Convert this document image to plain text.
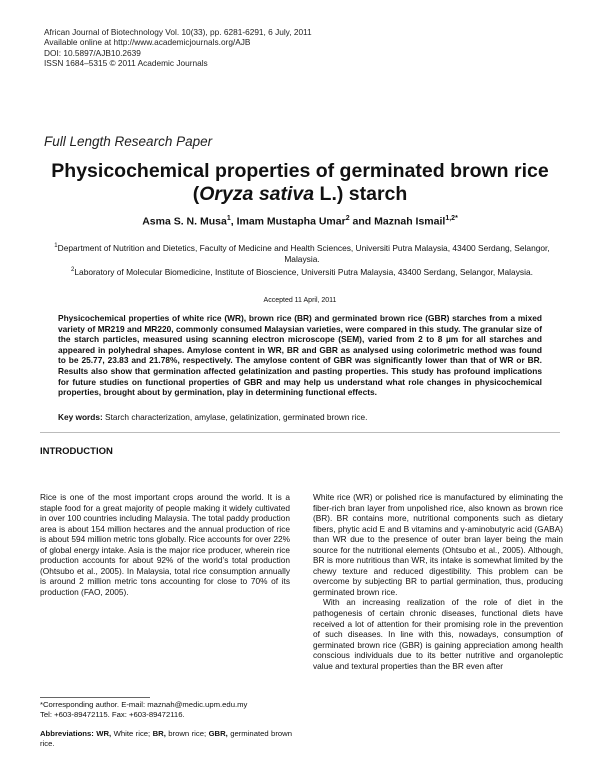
African Journal of Biotechnology Vol. 10(33), pp. 6281-6291, 6 July, 2011
Available online at http://www.academicjournals.org/AJB
DOI: 10.5897/AJB10.2639
ISSN 1684–5315 © 2011 Academic Journals
Full Length Research Paper
Physicochemical properties of germinated brown rice
(Oryza sativa L.) starch
Asma S. N. Musa$^1$, Imam Mustapha Umar$^2$ and Maznah Ismail$^{1,2*}$
$^1$Department of Nutrition and Dietetics, Faculty of Medicine and Health Sciences, Universiti Putra Malaysia, 43400 Serdang, Selangor, Malaysia.
$^2$Laboratory of Molecular Biomedicine, Institute of Bioscience, Universiti Putra Malaysia, 43400 Serdang, Selangor, Malaysia.
Accepted 11 April, 2011
Physicochemical properties of white rice (WR), brown rice (BR) and germinated brown rice (GBR) starches from a mixed variety of MR219 and MR220, commonly consumed Malaysian varieties, were compared in this study. The granular size of the starch particles, measured using scanning electron microscope (SEM), varied from 2 to 8 µm for all starches and appeared in polyhedral shapes. Amylose content in WR, BR and GBR as analysed using colorimetric method was found to be 25.77, 23.83 and 21.78%, respectively. The amylose content of GBR was significantly lower than that of WR or BR. Results also show that germination affected gelatinization and pasting properties. This study has profound implications for future studies on functional properties of GBR and may help us understand what role changes in physicochemical properties, brought about by germination, play in determining functional effects.
Key words: Starch characterization, amylase, gelatinization, germinated brown rice.
INTRODUCTION

Rice is one of the most important crops around the world. It is a staple food for a great majority of people making it widely cultivated in over 100 countries including Malaysia. The total paddy production area is about 154 million hectares and the annual production of rice is about 594 million metric tons globally. Rice accounts for over 22% of global energy intake. Asia is the major rice producer, wherein rice production accounts for about 92% of the world’s total production (Ohtsubo et al., 2005). In Malaysia, total rice consumption annually is around 2 million metric tons accounting for close to 70% of its production (FAO, 2005).

White rice (WR) or polished rice is manufactured by eliminating the fiber-rich bran layer from unpolished rice, also known as brown rice (BR). BR contains more, nutritional components such as dietary fibers, phytic acid E and B vitamins and γ-aminobutyric acid (GABA) than WR due to the presence of outer bran layer being the main source for the nutritional elements (Ohtsubo et al., 2005). Although, BR is more nutritious than WR, its intake is somewhat limited by the chewy texture and reduced digestibility. This problem can be overcome by subjecting BR to partial germination, thus, producing germinated brown rice.

With an increasing realization of the role of diet in the pathogenesis of certain chronic diseases, functional diets have received a lot of attention for their promising role in the prevention of such diseases. In line with this, nowadays, consumption of germinated brown rice (GBR) is gaining appreciation among health conscious individuals due to its better nutritive and organoleptic value and textural properties than the BR even after

*Corresponding author. E-mail: maznah@medic.upm.edu.my
Tel: +603-89472115. Fax: +603-89472116.
Abbreviations: WR, White rice; BR, brown rice; GBR, germinated brown rice.
